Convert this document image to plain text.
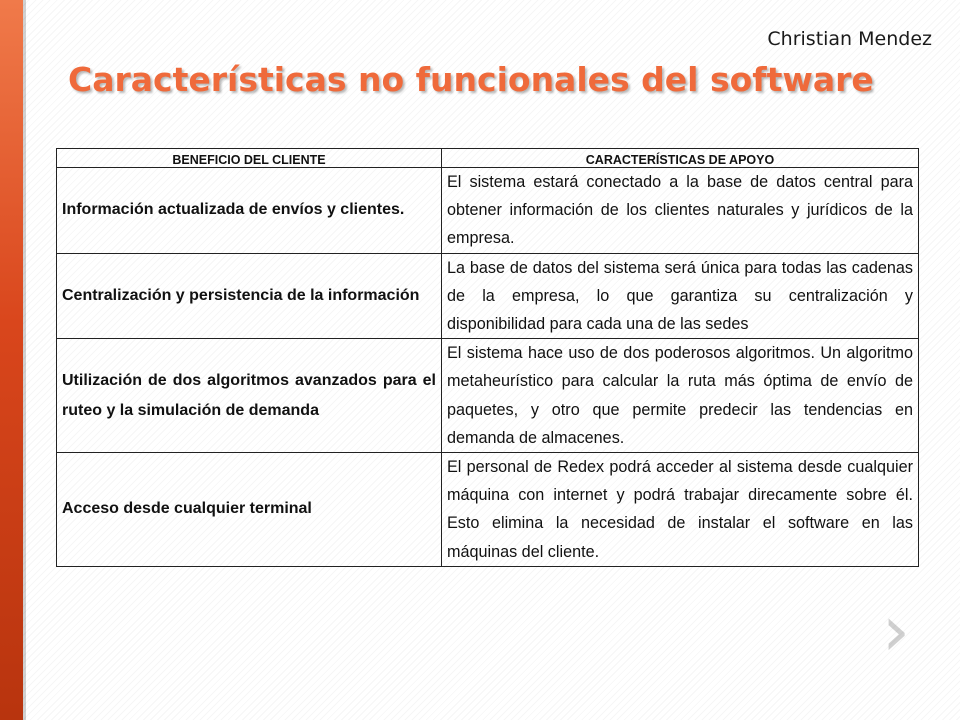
Christian Mendez
Características no funcionales del software
BENEFICIO DEL CLIENTE	CARACTERÍSTICAS DE APOYO
Información actualizada de envíos y clientes.	El sistema estará conectado a la base de datos central para obtener información de los clientes naturales y jurídicos de la empresa.
Centralización y persistencia de la información	La base de datos del sistema será única para todas las cadenas de la empresa, lo que garantiza su centralización y disponibilidad para cada una de las sedes
Utilización de dos algoritmos avanzados para el ruteo y la simulación de demanda	El sistema hace uso de dos poderosos algoritmos. Un algoritmo metaheurístico para calcular la ruta más óptima de envío de paquetes, y otro que permite predecir las tendencias en demanda de almacenes.
Acceso desde cualquier terminal	El personal de Redex podrá acceder al sistema desde cualquier máquina con internet y podrá trabajar direcamente sobre él. Esto elimina la necesidad de instalar el software en las máquinas del cliente.
›
